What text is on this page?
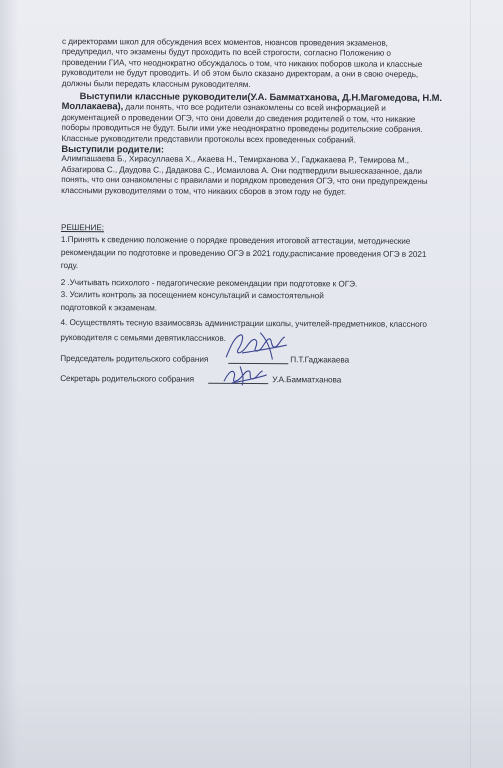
с директорами школ для обсуждения всех моментов, нюансов проведения экзаменов,

предупредил, что экзамены будут проходить по всей строгости, согласно Положению о

проведении ГИА, что неоднократно обсуждалось о том, что никаких поборов школа и классные

руководители не будут проводить. И об этом было сказано директорам, а они в свою очередь,

должны были передать классным руководителям.

Выступили классные руководители(У.А. Бамматханова, Д.Н.Магомедова, Н.М.

Моллакаева), дали понять, что все родители ознакомлены со всей информацией и

документацией о проведении ОГЭ, что они довели до сведения родителей о том, что никакие

поборы проводиться не будут. Были ими уже неоднократно проведены родительские собрания.

Классные руководители представили протоколы всех проведенных собраний.

Выступили родители:

Алимпашаева Б., Хирасуллаева Х., Акаева Н., Темирханова У., Гаджакаева Р., Темирова М.,

Абзагирова С., Даудова С., Дадакова С., Исмаилова А. Они подтвердили вышесказанное, дали

понять, что они ознакомлены с правилами и порядком проведения ОГЭ, что они предупреждены

классными руководителями о том, что никаких сборов в этом году не будет.

РЕШЕНИЕ:

1.Принять к сведению положение о порядке проведения итоговой аттестации, методические

рекомендации по подготовке и проведению ОГЭ в 2021 году,расписание проведения ОГЭ в 2021

году.

2 .Учитывать психолого - педагогические рекомендации при подготовке к ОГЭ.

3. Усилить контроль за посещением консультаций и самостоятельной

подготовкой к экзаменам.

4. Осуществлять тесную взаимосвязь администрации школы, учителей-предметников, классного

руководителя с семьями девятиклассников.

Председатель родительского собрания	П.Т.Гаджакаева
Секретарь родительского собрания	У.А.Бамматханова
